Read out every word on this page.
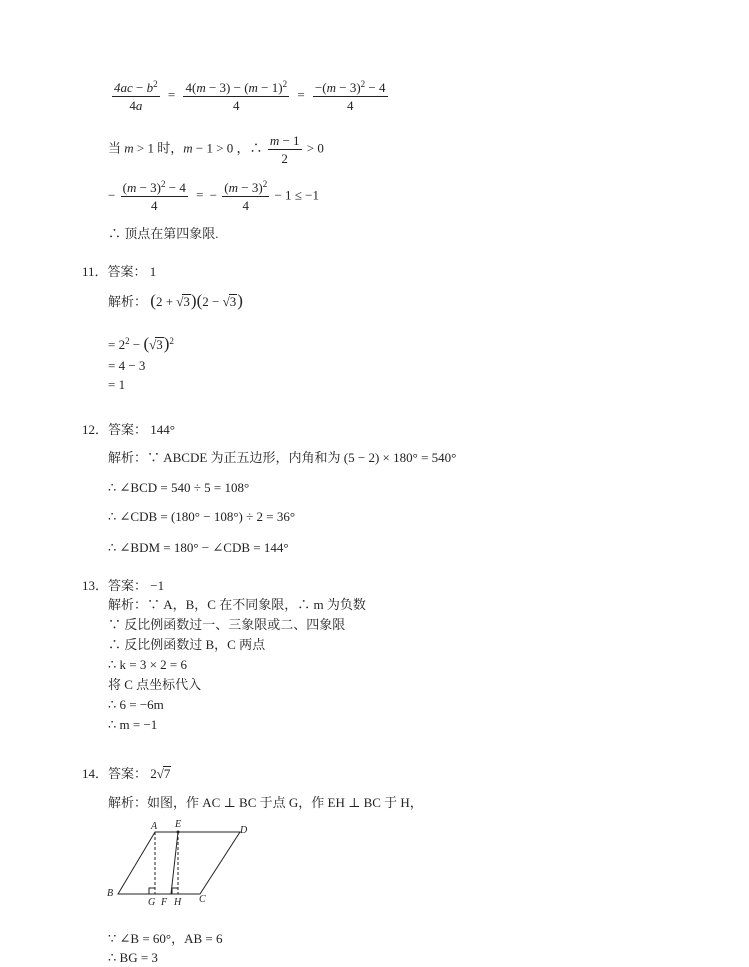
$\frac{4ac - b^2}{4a} = \frac{4(m - 3) - (m - 1)^2}{4} = \frac{-(m - 3)^2 - 4}{4}$
当 m > 1 时，m − 1 > 0 ，∴ $\frac{m - 1}{2} > 0$
− $\frac{(m - 3)^2 - 4}{4}$ = − $\frac{(m - 3)^2}{4} - 1 \le -1$
∴ 顶点在第四象限.
11．答案： 1
解析： (2 + √3)(2 − √3)
= $2^2 - (√3)^2$
= 4 − 3
= 1
12．答案： 144°
解析：∵ ABCDE 为正五边形，内角和为 (5 − 2) × 180° = 540°
∴ ∠BCD = 540 ÷ 5 = 108°
∴ ∠CDB = (180° − 108°) ÷ 2 = 36°
∴ ∠BDM = 180° − ∠CDB = 144°
13．答案： −1
解析：∵ A，B，C 在不同象限，∴ m 为负数
∵ 反比例函数过一、三象限或二、四象限
∴ 反比例函数过 B，C 两点
∴ k = 3 × 2 = 6
将 C 点坐标代入
∴ 6 = −6m
∴ m = −1
14．答案： 2√7
解析：如图，作 AC ⊥ BC 于点 G，作 EH ⊥ BC 于 H，
A E
D
B
G F H C
∵ ∠B = 60°，AB = 6
∴ BG = 3
